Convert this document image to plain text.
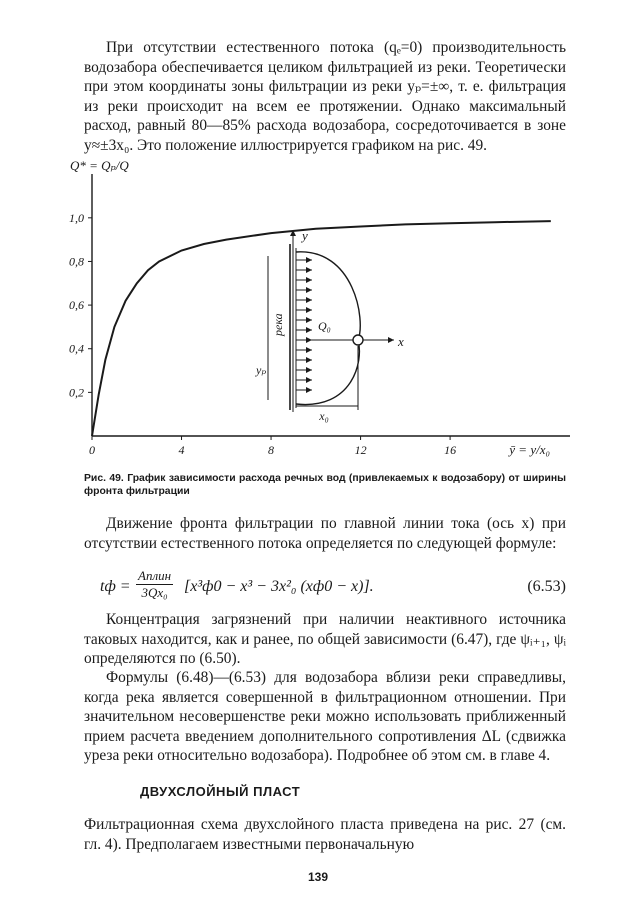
При отсутствии естественного потока (qₑ=0) производительность водозабора обеспечивается целиком фильтрацией из реки. Теоретически при этом координаты зоны фильтрации из реки yₚ=±∞, т. е. фильтрация из реки происходит на всем ее протяжении. Однако максимальный расход, равный 80—85% расхода водозабора, сосредоточивается в зоне y≈±3x₀. Это положение иллюстрируется графиком на рис. 49.

0,2
0,4
0,6
0,8
1,0
0	4	8	12	16
Q* = Qₚ/Q
ȳ = y/x₀
y
x
Q₀
река
yₚ
x₀

Рис. 49. График зависимости расхода речных вод (привлекаемых к водозабору) от ширины фронта фильтрации

Движение фронта фильтрации по главной линии тока (ось x) при отсутствии естественного потока определяется по следующей формуле:

tф =
Aплин
3Qx₀	[x³ф0 − x³ − 3x²₀ (xф0 − x)].	(6.53)

Концентрация загрязнений при наличии неактивного источника таковых находится, как и ранее, по общей зависимости (6.47), где ψᵢ₊₁, ψᵢ определяются по (6.50).

Формулы (6.48)—(6.53) для водозабора вблизи реки справедливы, когда река является совершенной в фильтрационном отношении. При значительном несовершенстве реки можно использовать приближенный прием расчета введением дополнительного сопротивления ΔL (сдвижка уреза реки относительно водозабора). Подробнее об этом см. в главе 4.

ДВУХСЛОЙНЫЙ ПЛАСТ

Фильтрационная схема двухслойного пласта приведена на рис. 27 (см. гл. 4). Предполагаем известными первоначальную

139
